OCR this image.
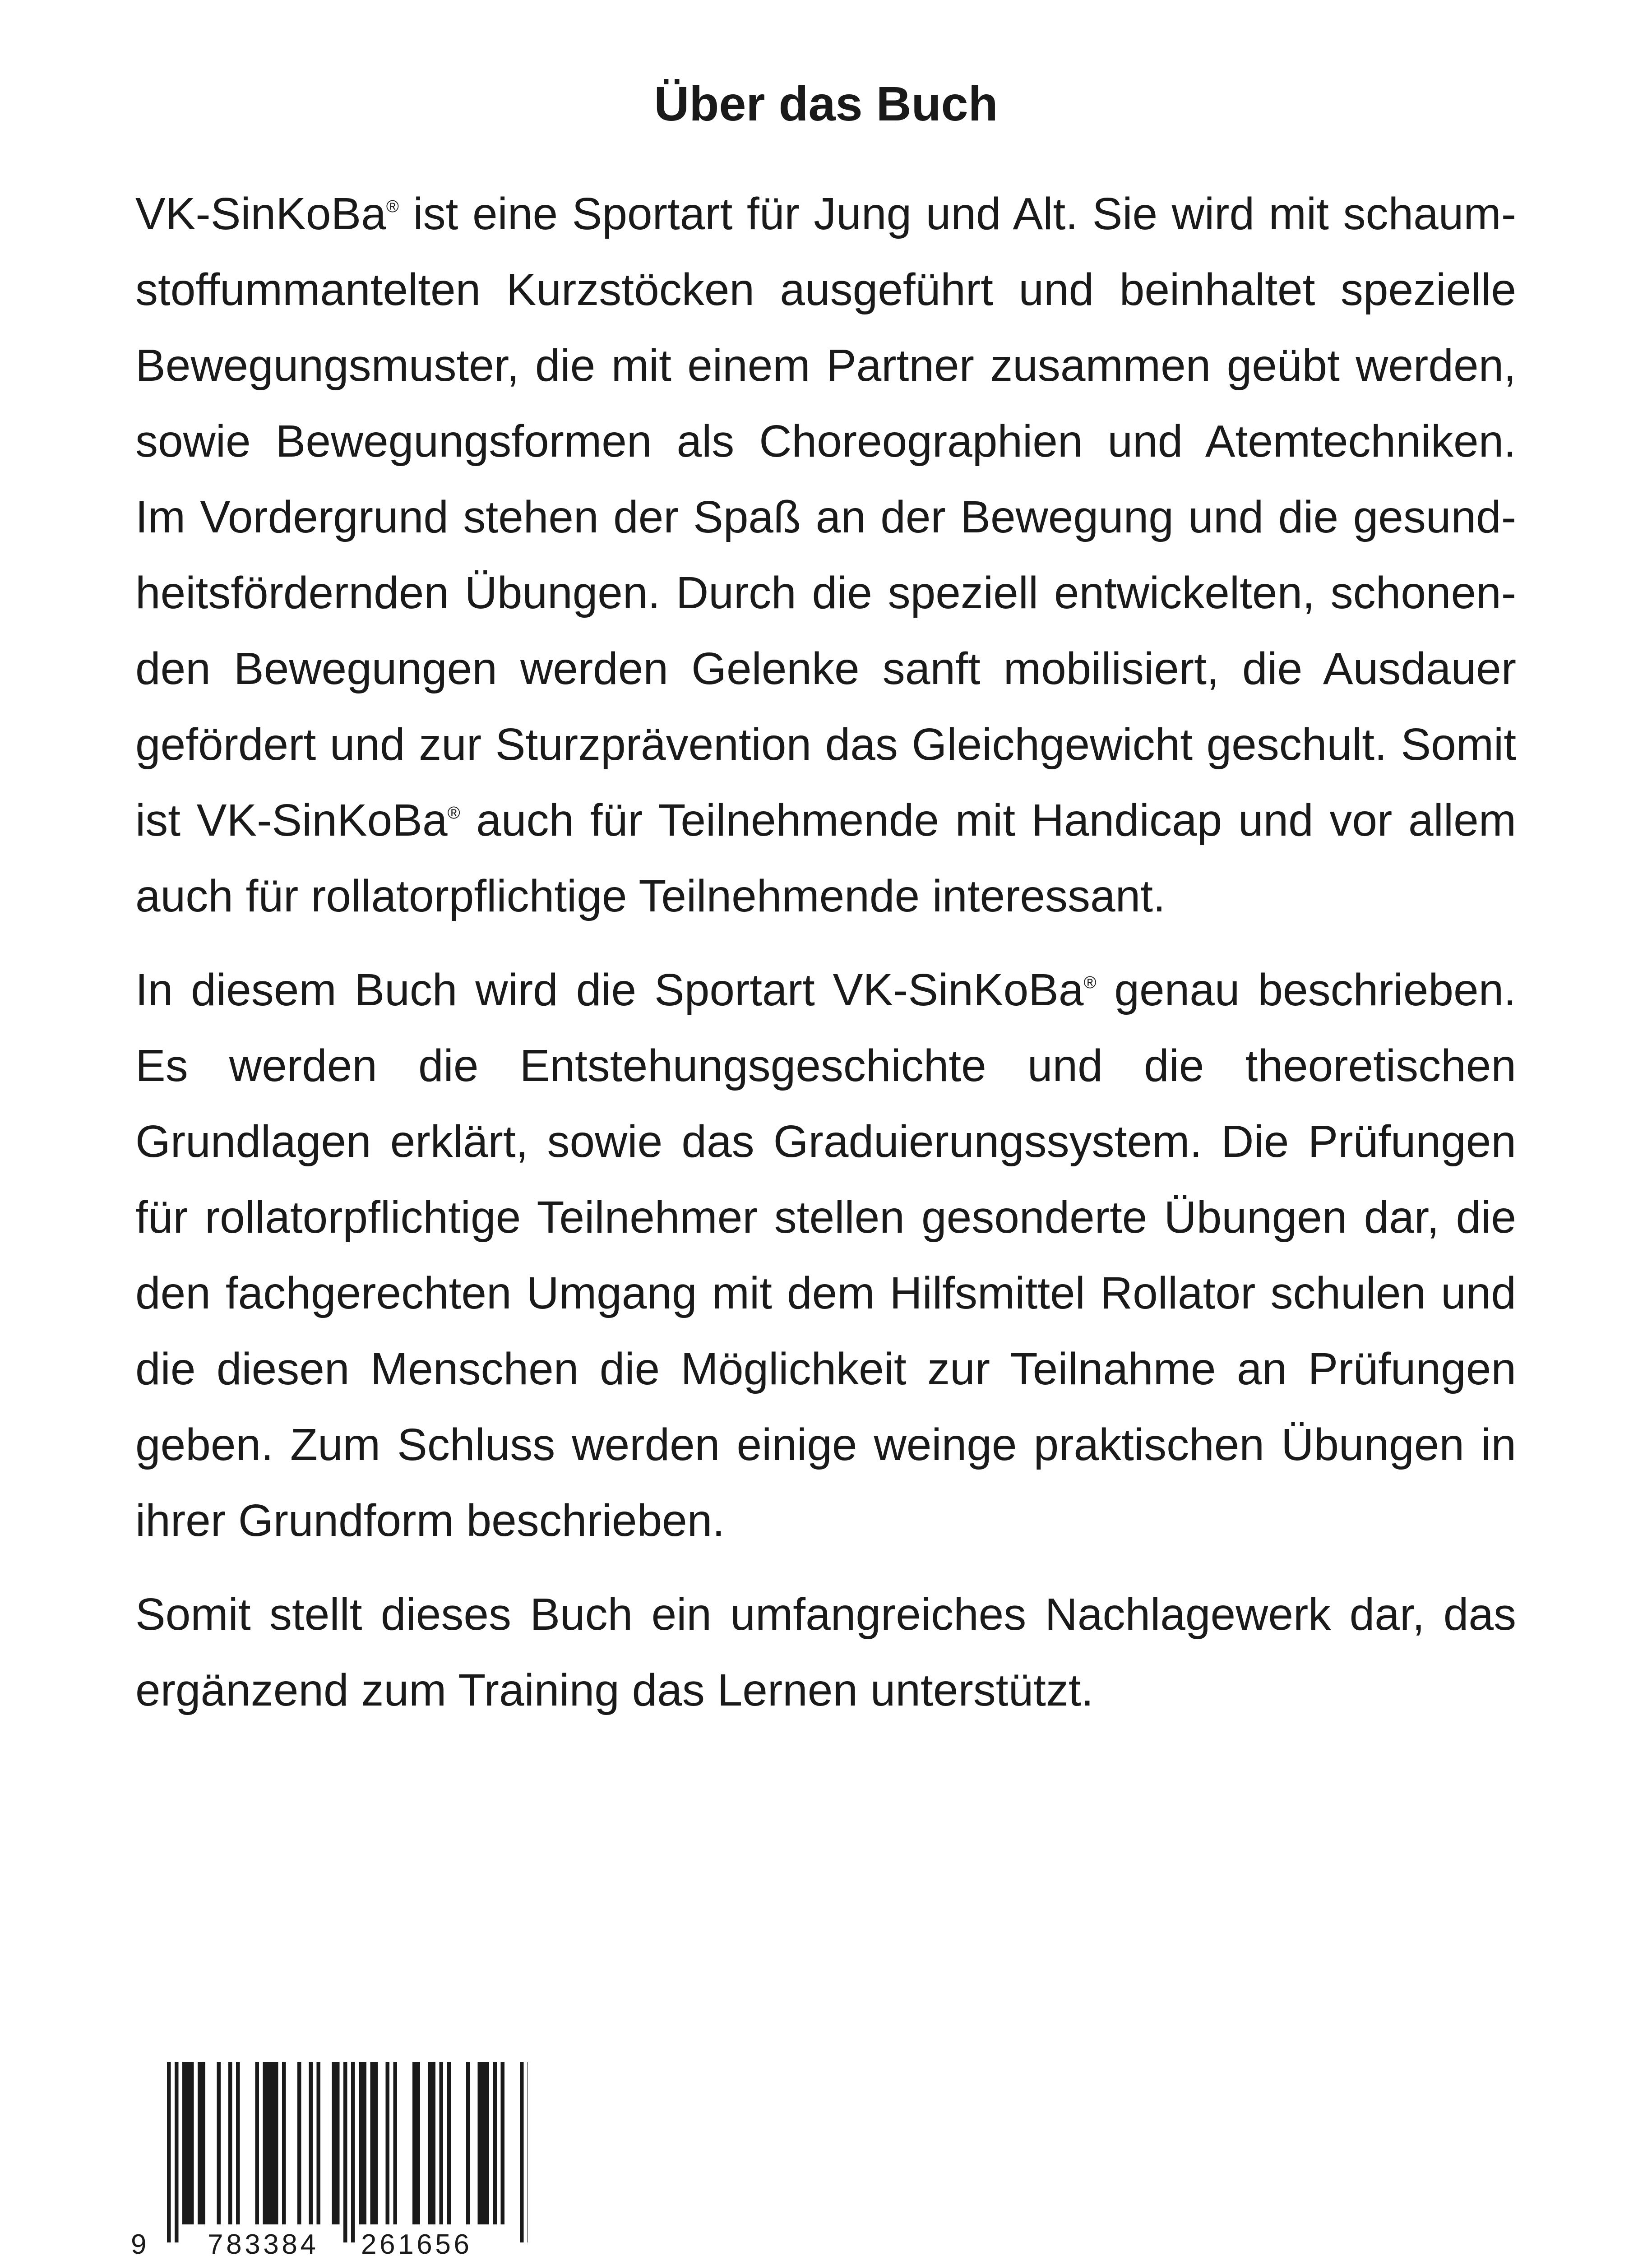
Über das Buch

VK-SinKoBa® ist eine Sportart für Jung und Alt. Sie wird mit schaumstoffummantelten Kurzstöcken ausgeführt und beinhaltet spezielle Bewegungsmuster, die mit einem Partner zusammen geübt werden, sowie Bewegungsformen als Choreographien und Atemtechniken. Im Vordergrund stehen der Spaß an der Bewegung und die gesundheitsfördernden Übungen. Durch die speziell entwickelten, schonenden Bewegungen werden Gelenke sanft mobilisiert, die Ausdauer gefördert und zur Sturzprävention das Gleichgewicht geschult. Somit ist VK-SinKoBa® auch für Teilnehmende mit Handicap und vor allem auch für rollatorpflichtige Teilnehmende interessant.

In diesem Buch wird die Sportart VK-SinKoBa® genau beschrieben. Es werden die Entstehungsgeschichte und die theoretischen Grundlagen erklärt, sowie das Graduierungssystem. Die Prüfungen für rollatorpflichtige Teilnehmer stellen gesonderte Übungen dar, die den fachgerechten Umgang mit dem Hilfsmittel Rollator schulen und die diesen Menschen die Möglichkeit zur Teilnahme an Prüfungen geben. Zum Schluss werden einige weinge praktischen Übungen in ihrer Grundform beschrieben.

Somit stellt dieses Buch ein umfangreiches Nachlagewerk dar, das ergänzend zum Training das Lernen unterstützt.

9 783384 261656
